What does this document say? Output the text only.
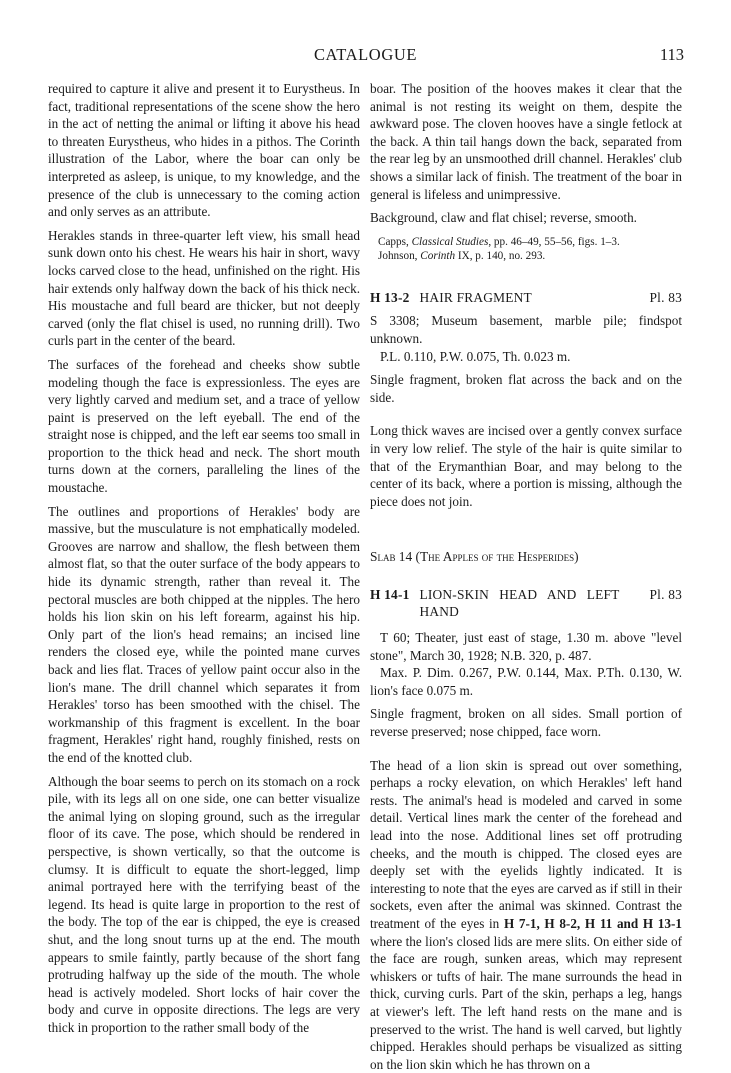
CATALOGUE	113

required to capture it alive and present it to Eurystheus. In fact, traditional representations of the scene show the hero in the act of netting the animal or lifting it above his head to threaten Eurystheus, who hides in a pithos. The Corinth illustration of the Labor, where the boar can only be interpreted as asleep, is unique, to my knowledge, and the presence of the club is unnecessary to the coming action and only serves as an attribute.

Herakles stands in three-quarter left view, his small head sunk down onto his chest. He wears his hair in short, wavy locks carved close to the head, unfinished on the right. His hair extends only halfway down the back of his thick neck. His moustache and full beard are thicker, but not deeply carved (only the flat chisel is used, no running drill). Two curls part in the center of the beard.

The surfaces of the forehead and cheeks show subtle modeling though the face is expressionless. The eyes are very lightly carved and medium set, and a trace of yellow paint is preserved on the left eyeball. The end of the straight nose is chipped, and the left ear seems too small in proportion to the thick head and neck. The short mouth turns down at the corners, paralleling the lines of the moustache.

The outlines and proportions of Herakles' body are massive, but the musculature is not emphatically modeled. Grooves are narrow and shallow, the flesh between them almost flat, so that the outer surface of the body appears to hide its dynamic strength, rather than reveal it. The pectoral muscles are both chipped at the nipples. The hero holds his lion skin on his left forearm, against his hip. Only part of the lion's head remains; an incised line renders the closed eye, while the pointed mane curves back and lies flat. Traces of yellow paint occur also in the lion's mane. The drill channel which separates it from Herakles' torso has been smoothed with the chisel. The workmanship of this fragment is excellent. In the boar fragment, Herakles' right hand, roughly finished, rests on the end of the knotted club.

Although the boar seems to perch on its stomach on a rock pile, with its legs all on one side, one can better visualize the animal lying on sloping ground, such as the irregular floor of its cave. The pose, which should be rendered in perspective, is shown vertically, so that the outcome is clumsy. It is difficult to equate the short-legged, limp animal portrayed here with the terrifying beast of the legend. Its head is quite large in proportion to the rest of the body. The top of the ear is chipped, the eye is creased shut, and the long snout turns up at the end. The mouth appears to smile faintly, partly because of the short fang protruding halfway up the side of the mouth. The whole head is actively modeled. Short locks of hair cover the body and curve in opposite directions. The legs are very thick in proportion to the rather small body of the

boar. The position of the hooves makes it clear that the animal is not resting its weight on them, despite the awkward pose. The cloven hooves have a single fetlock at the back. A thin tail hangs down the back, separated from the rear leg by an unsmoothed drill channel. Herakles' club shows a similar lack of finish. The treatment of the boar in general is lifeless and unimpressive.

Background, claw and flat chisel; reverse, smooth.

Capps, Classical Studies, pp. 46–49, 55–56, figs. 1–3.
Johnson, Corinth IX, p. 140, no. 293.
H 13-2 HAIR FRAGMENT	Pl. 83

S 3308; Museum basement, marble pile; findspot unknown.

P.L. 0.110, P.W. 0.075, Th. 0.023 m.

Single fragment, broken flat across the back and on the side.

Long thick waves are incised over a gently convex surface in very low relief. The style of the hair is quite similar to that of the Erymanthian Boar, and may belong to the center of its back, where a portion is missing, although the piece does not join.

Slab 14 (The Apples of the Hesperides)
H 14-1 LION-SKIN HEAD AND LEFT HAND
Pl. 83

T 60; Theater, just east of stage, 1.30 m. above "level stone", March 30, 1928; N.B. 320, p. 487.

Max. P. Dim. 0.267, P.W. 0.144, Max. P.Th. 0.130, W. lion's face 0.075 m.

Single fragment, broken on all sides. Small portion of reverse preserved; nose chipped, face worn.

The head of a lion skin is spread out over something, perhaps a rocky elevation, on which Herakles' left hand rests. The animal's head is modeled and carved in some detail. Vertical lines mark the center of the forehead and lead into the nose. Additional lines set off protruding cheeks, and the mouth is chipped. The closed eyes are deeply set with the eyelids lightly indicated. It is interesting to note that the eyes are carved as if still in their sockets, even after the animal was skinned. Contrast the treatment of the eyes in H 7-1, H 8-2, H 11 and H 13-1 where the lion's closed lids are mere slits. On either side of the face are rough, sunken areas, which may represent whiskers or tufts of hair. The mane surrounds the head in thick, curving curls. Part of the skin, perhaps a leg, hangs at viewer's left. The left hand rests on the mane and is preserved to the wrist. The hand is well carved, but lightly chipped. Herakles should perhaps be visualized as sitting on the lion skin which he has thrown on a
